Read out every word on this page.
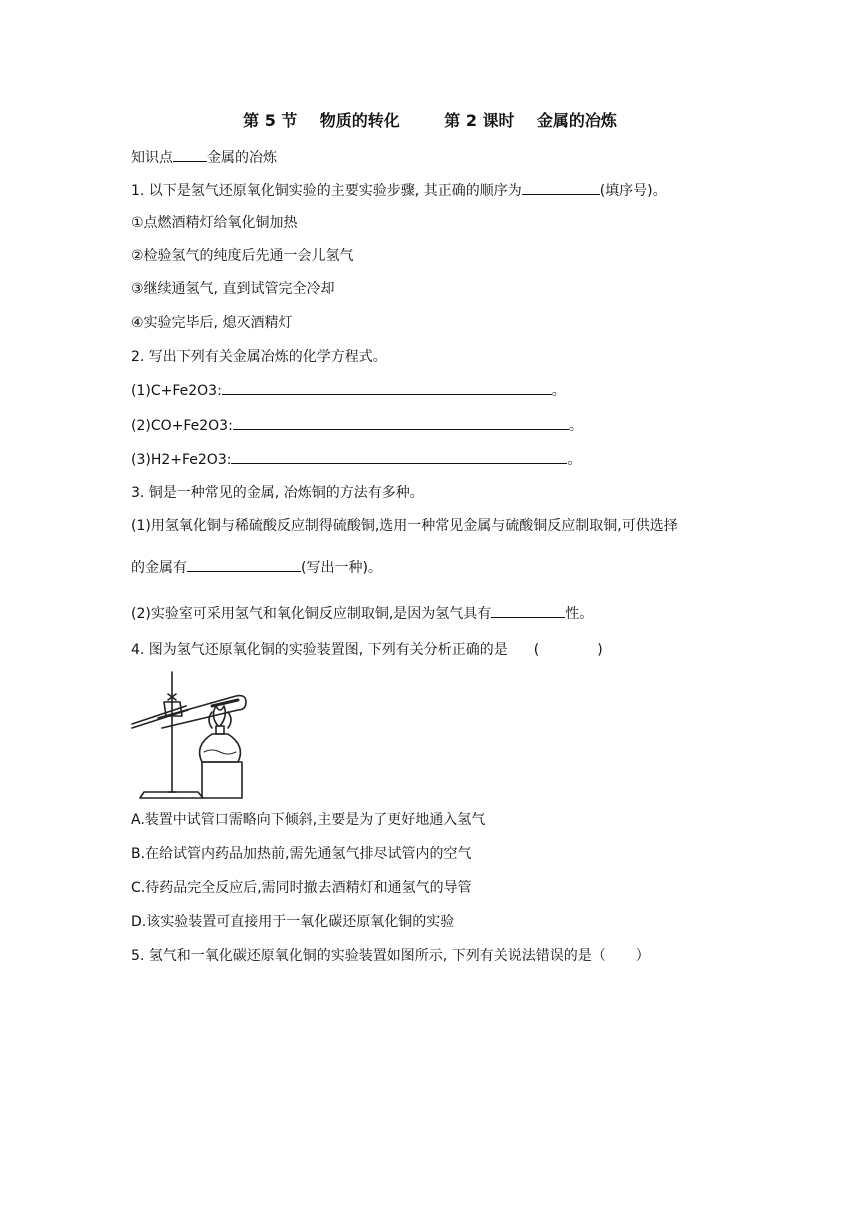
第 5 节    物质的转化        第 2 课时    金属的冶炼
知识点 金属的冶炼
1. 以下是氢气还原氧化铜实验的主要实验步骤, 其正确的顺序为	(填序号)。
①点燃酒精灯给氧化铜加热
②检验氢气的纯度后先通一会儿氢气
③继续通氢气, 直到试管完全冷却
④实验完毕后, 熄灭酒精灯
2. 写出下列有关金属冶炼的化学方程式。
(1)C+Fe2O3:	。
(2)CO+Fe2O3:	。
(3)H2+Fe2O3:	。
3. 铜是一种常见的金属, 冶炼铜的方法有多种。
(1)用氢氧化铜与稀硫酸反应制得硫酸铜,选用一种常见金属与硫酸铜反应制取铜,可供选择
的金属有	(写出一种)。
(2)实验室可采用氢气和氧化铜反应制取铜,是因为氢气具有	性。
4. 图为氢气还原氧化铜的实验装置图, 下列有关分析正确的是 (	)
A.装置中试管口需略向下倾斜,主要是为了更好地通入氢气
B.在给试管内药品加热前,需先通氢气排尽试管内的空气
C.待药品完全反应后,需同时撤去酒精灯和通氢气的导管
D.该实验装置可直接用于一氧化碳还原氧化铜的实验
5. 氢气和一氧化碳还原氧化铜的实验装置如图所示, 下列有关说法错误的是（ ）
